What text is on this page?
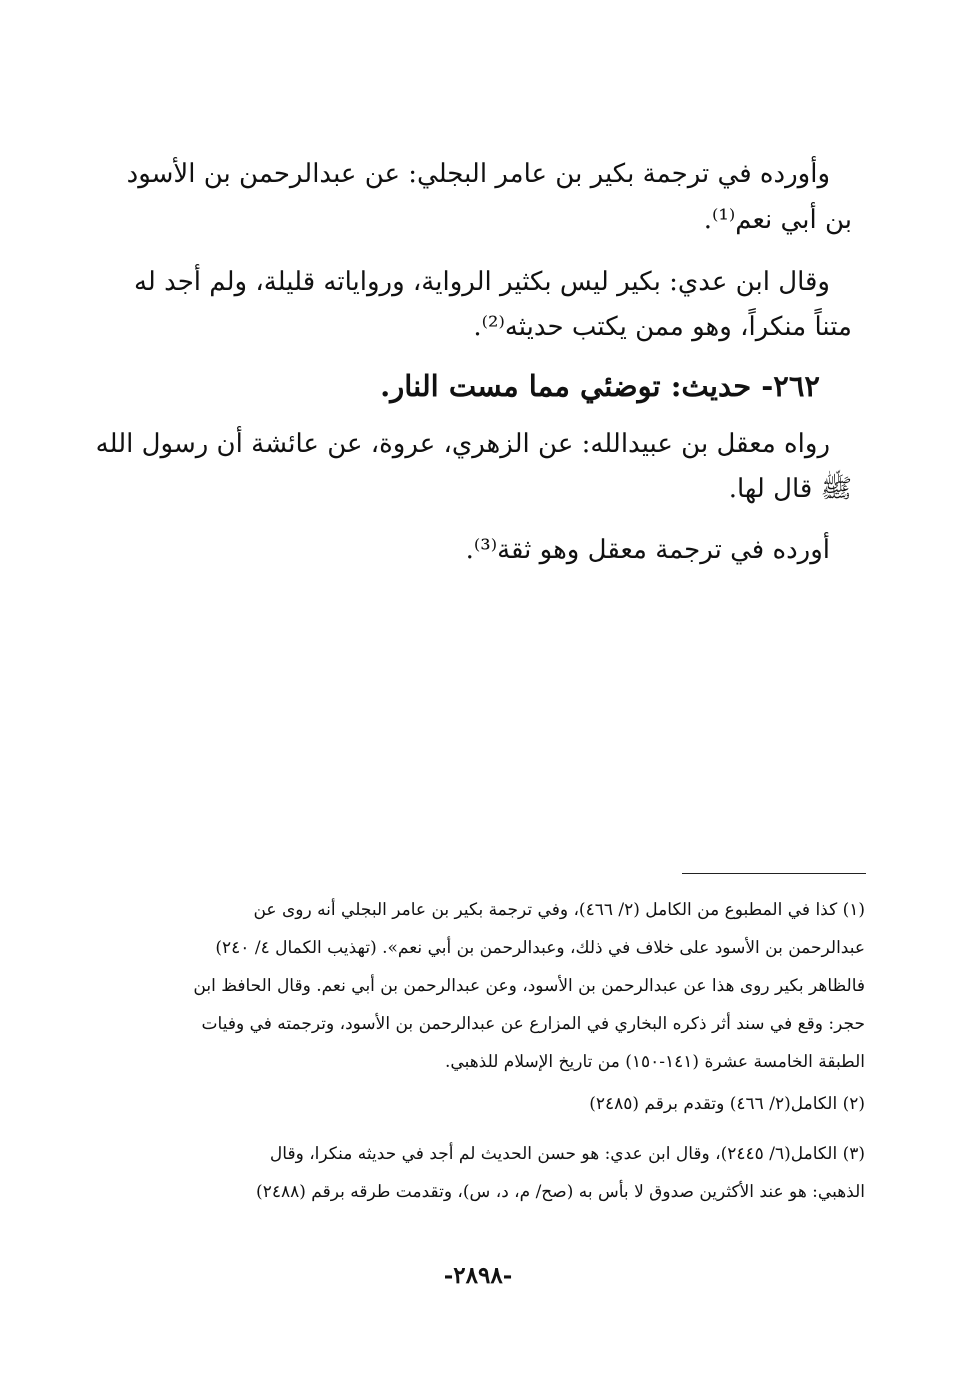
وأورده في ترجمة بكير بن عامر البجلي: عن عبدالرحمن بن الأسود
بن أبي نعم⁽¹⁾.
وقال ابن عدي: بكير ليس بكثير الرواية، ورواياته قليلة، ولم أجد له
متناً منكراً، وهو ممن يكتب حديثه⁽²⁾.
٢٦٢- حديث: توضئي مما مست النار.
رواه معقل بن عبيدالله: عن الزهري، عروة، عن عائشة أن رسول الله
ﷺ قال لها.
أورده في ترجمة معقل وهو ثقة⁽³⁾.
(١) كذا في المطبوع من الكامل (٢/ ٤٦٦)، وفي ترجمة بكير بن عامر البجلي أنه روى عن
عبدالرحمن بن الأسود على خلاف في ذلك، وعبدالرحمن بن أبي نعم». (تهذيب الكمال ٤/ ٢٤٠)
فالظاهر بكير روى هذا عن عبدالرحمن بن الأسود، وعن عبدالرحمن بن أبي نعم. وقال الحافظ ابن
حجر: وقع في سند أثر ذكره البخاري في المزارع عن عبدالرحمن بن الأسود، وترجمته في وفيات
الطبقة الخامسة عشرة (١٤١-١٥٠) من تاريخ الإسلام للذهبي.
(٢) الكامل(٢/ ٤٦٦) وتقدم برقم (٢٤٨٥)
(٣) الكامل(٦/ ٢٤٤٥)، وقال ابن عدي: هو حسن الحديث لم أجد في حديثه منكرا، وقال
الذهبي: هو عند الأكثرين صدوق لا بأس به (صح/ م، د، س)، وتقدمت طرقه برقم (٢٤٨٨)
-٢٨٩٨-
